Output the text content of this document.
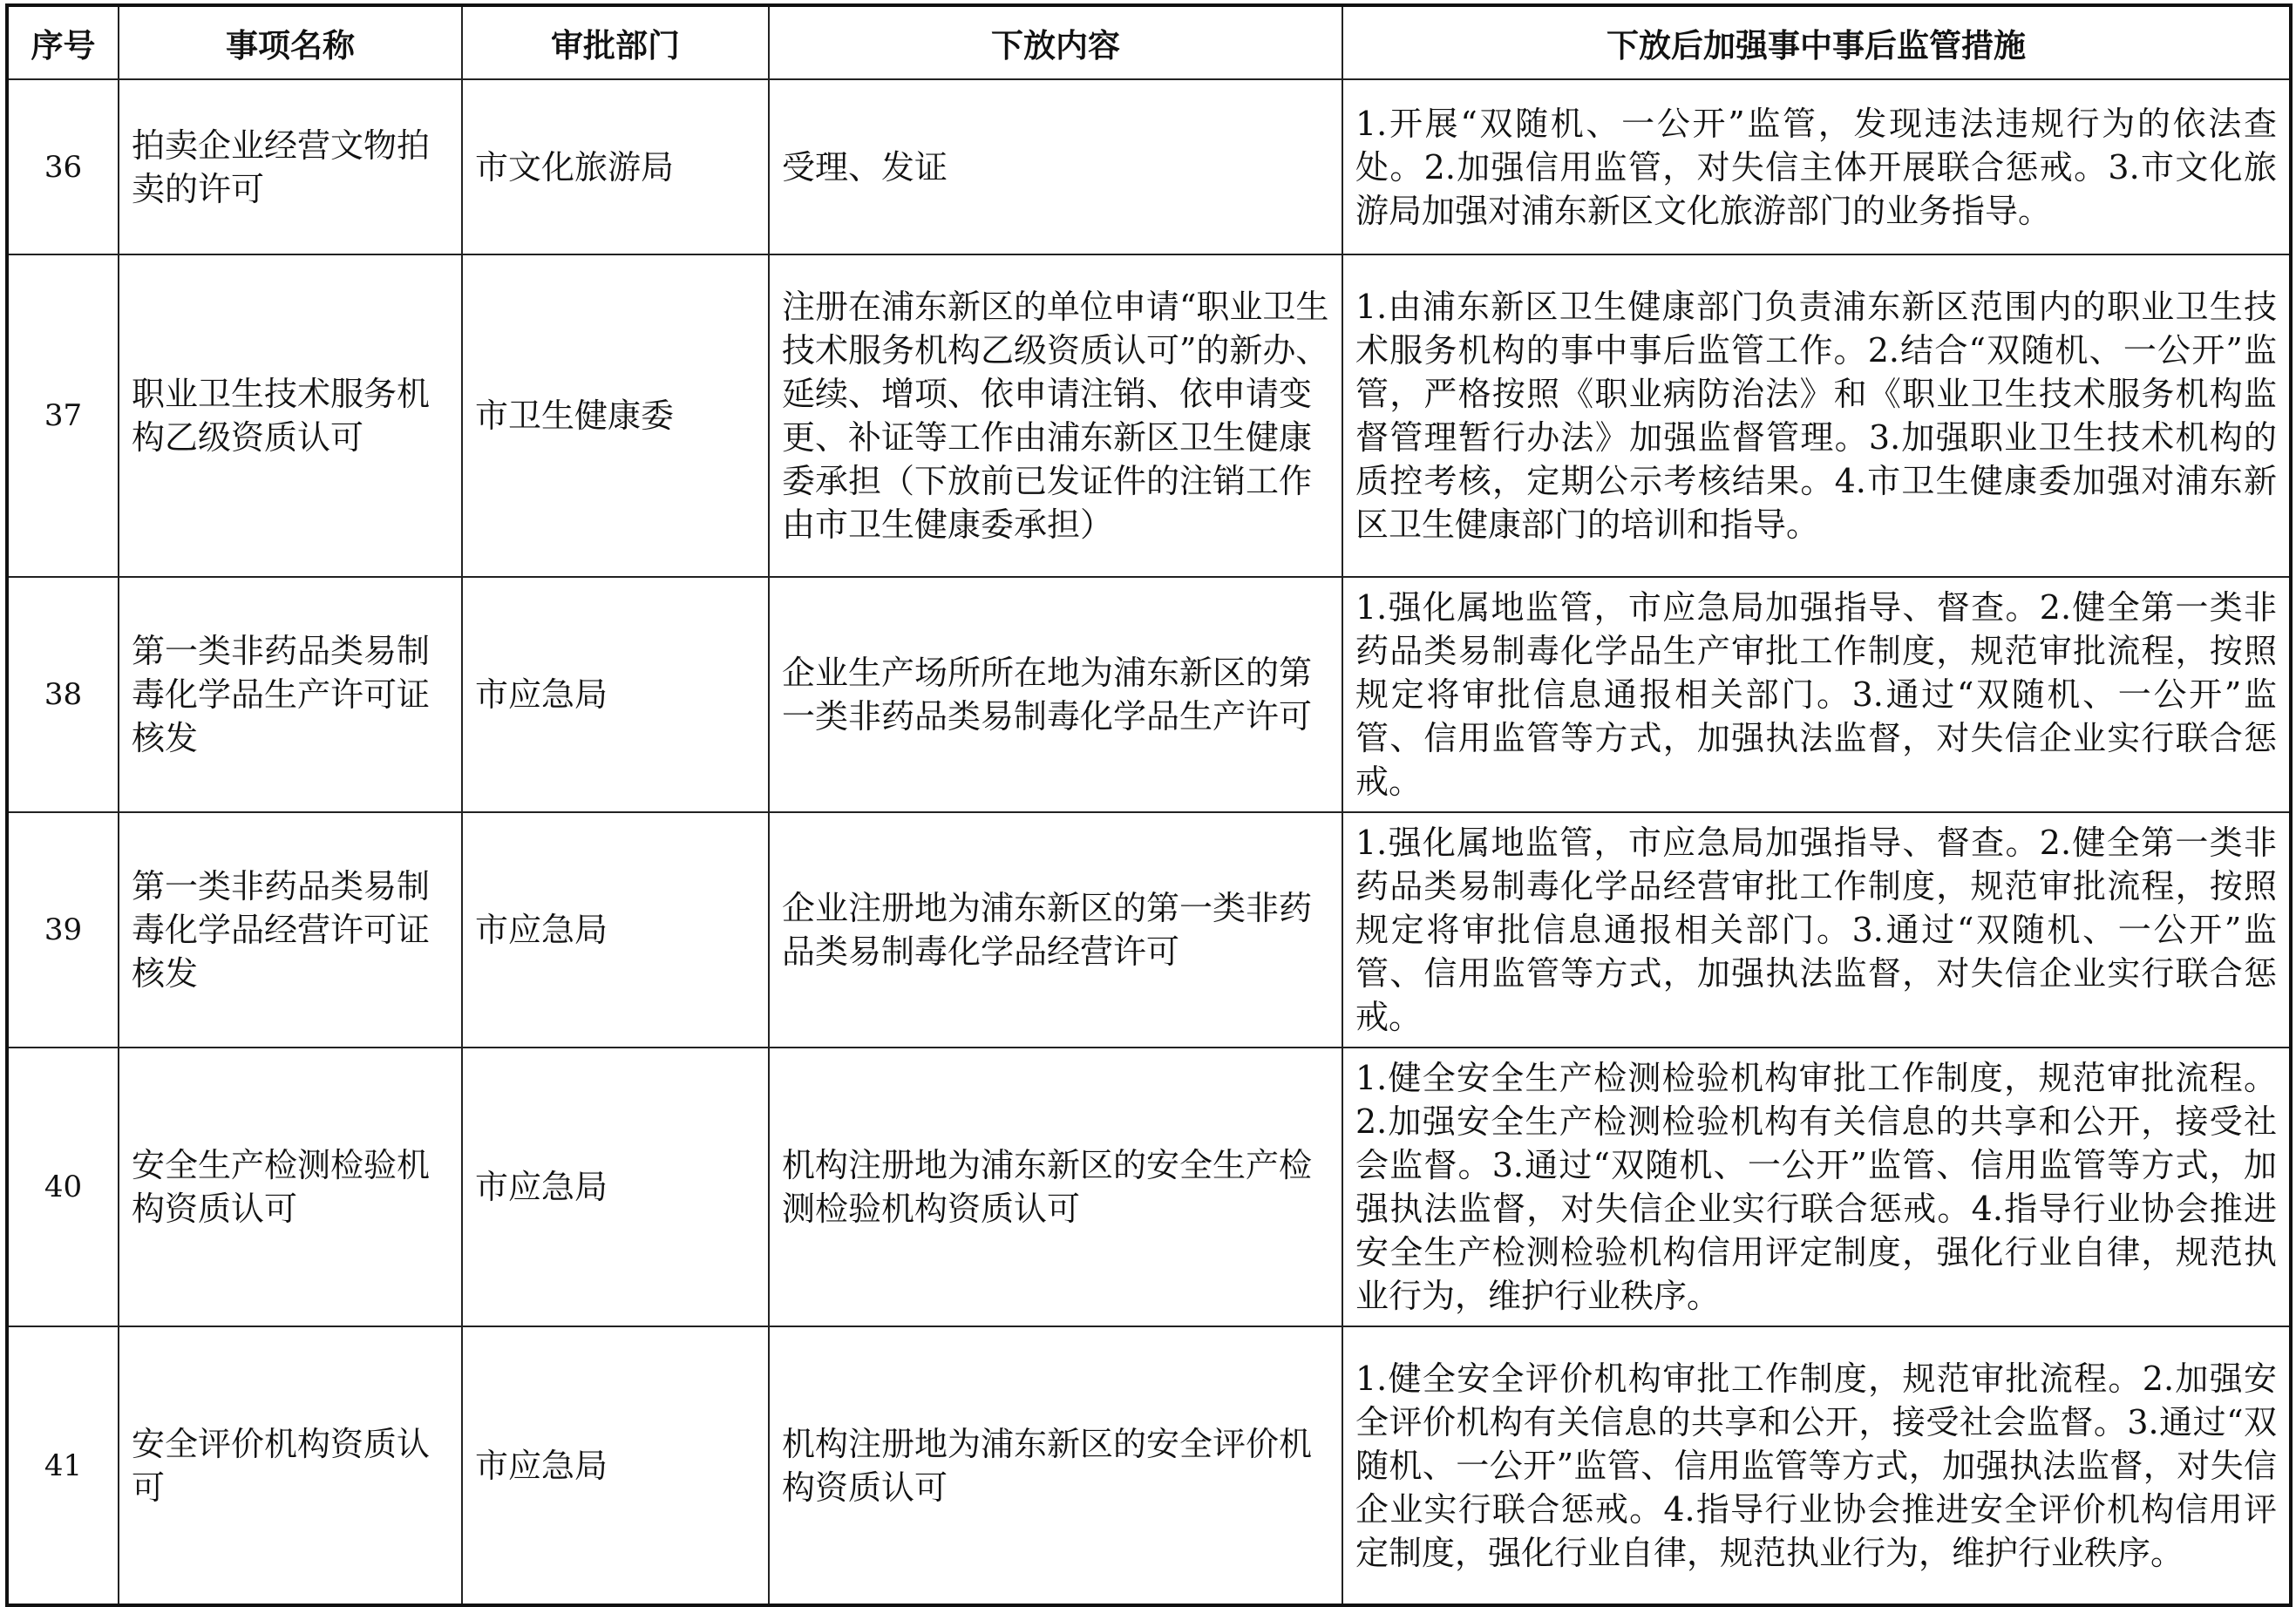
序号	事项名称	审批部门	下放内容	下放后加强事中事后监管措施
36	拍卖企业经营文物拍卖的许可	市文化旅游局	受理、发证	1.开展“双随机、一公开”监管，发现违法违规行为的依法查处。2.加强信用监管，对失信主体开展联合惩戒。3.市文化旅游局加强对浦东新区文化旅游部门的业务指导。
37	职业卫生技术服务机构乙级资质认可	市卫生健康委	注册在浦东新区的单位申请“职业卫生技术服务机构乙级资质认可”的新办、延续、增项、依申请注销、依申请变更、补证等工作由浦东新区卫生健康委承担（下放前已发证件的注销工作由市卫生健康委承担）	1.由浦东新区卫生健康部门负责浦东新区范围内的职业卫生技术服务机构的事中事后监管工作。2.结合“双随机、一公开”监管，严格按照《职业病防治法》和《职业卫生技术服务机构监督管理暂行办法》加强监督管理。3.加强职业卫生技术机构的质控考核，定期公示考核结果。4.市卫生健康委加强对浦东新区卫生健康部门的培训和指导。
38	第一类非药品类易制毒化学品生产许可证核发	市应急局	企业生产场所所在地为浦东新区的第一类非药品类易制毒化学品生产许可	1.强化属地监管，市应急局加强指导、督查。2.健全第一类非药品类易制毒化学品生产审批工作制度，规范审批流程，按照规定将审批信息通报相关部门。3.通过“双随机、一公开”监管、信用监管等方式，加强执法监督，对失信企业实行联合惩戒。
39	第一类非药品类易制毒化学品经营许可证核发	市应急局	企业注册地为浦东新区的第一类非药品类易制毒化学品经营许可	1.强化属地监管，市应急局加强指导、督查。2.健全第一类非药品类易制毒化学品经营审批工作制度，规范审批流程，按照规定将审批信息通报相关部门。3.通过“双随机、一公开”监管、信用监管等方式，加强执法监督，对失信企业实行联合惩戒。
40	安全生产检测检验机构资质认可	市应急局	机构注册地为浦东新区的安全生产检测检验机构资质认可	1.健全安全生产检测检验机构审批工作制度，规范审批流程。2.加强安全生产检测检验机构有关信息的共享和公开，接受社会监督。3.通过“双随机、一公开”监管、信用监管等方式，加强执法监督，对失信企业实行联合惩戒。4.指导行业协会推进安全生产检测检验机构信用评定制度，强化行业自律，规范执业行为，维护行业秩序。
41	安全评价机构资质认可	市应急局	机构注册地为浦东新区的安全评价机构资质认可	1.健全安全评价机构审批工作制度，规范审批流程。2.加强安全评价机构有关信息的共享和公开，接受社会监督。3.通过“双随机、一公开”监管、信用监管等方式，加强执法监督，对失信企业实行联合惩戒。4.指导行业协会推进安全评价机构信用评定制度，强化行业自律，规范执业行为，维护行业秩序。
